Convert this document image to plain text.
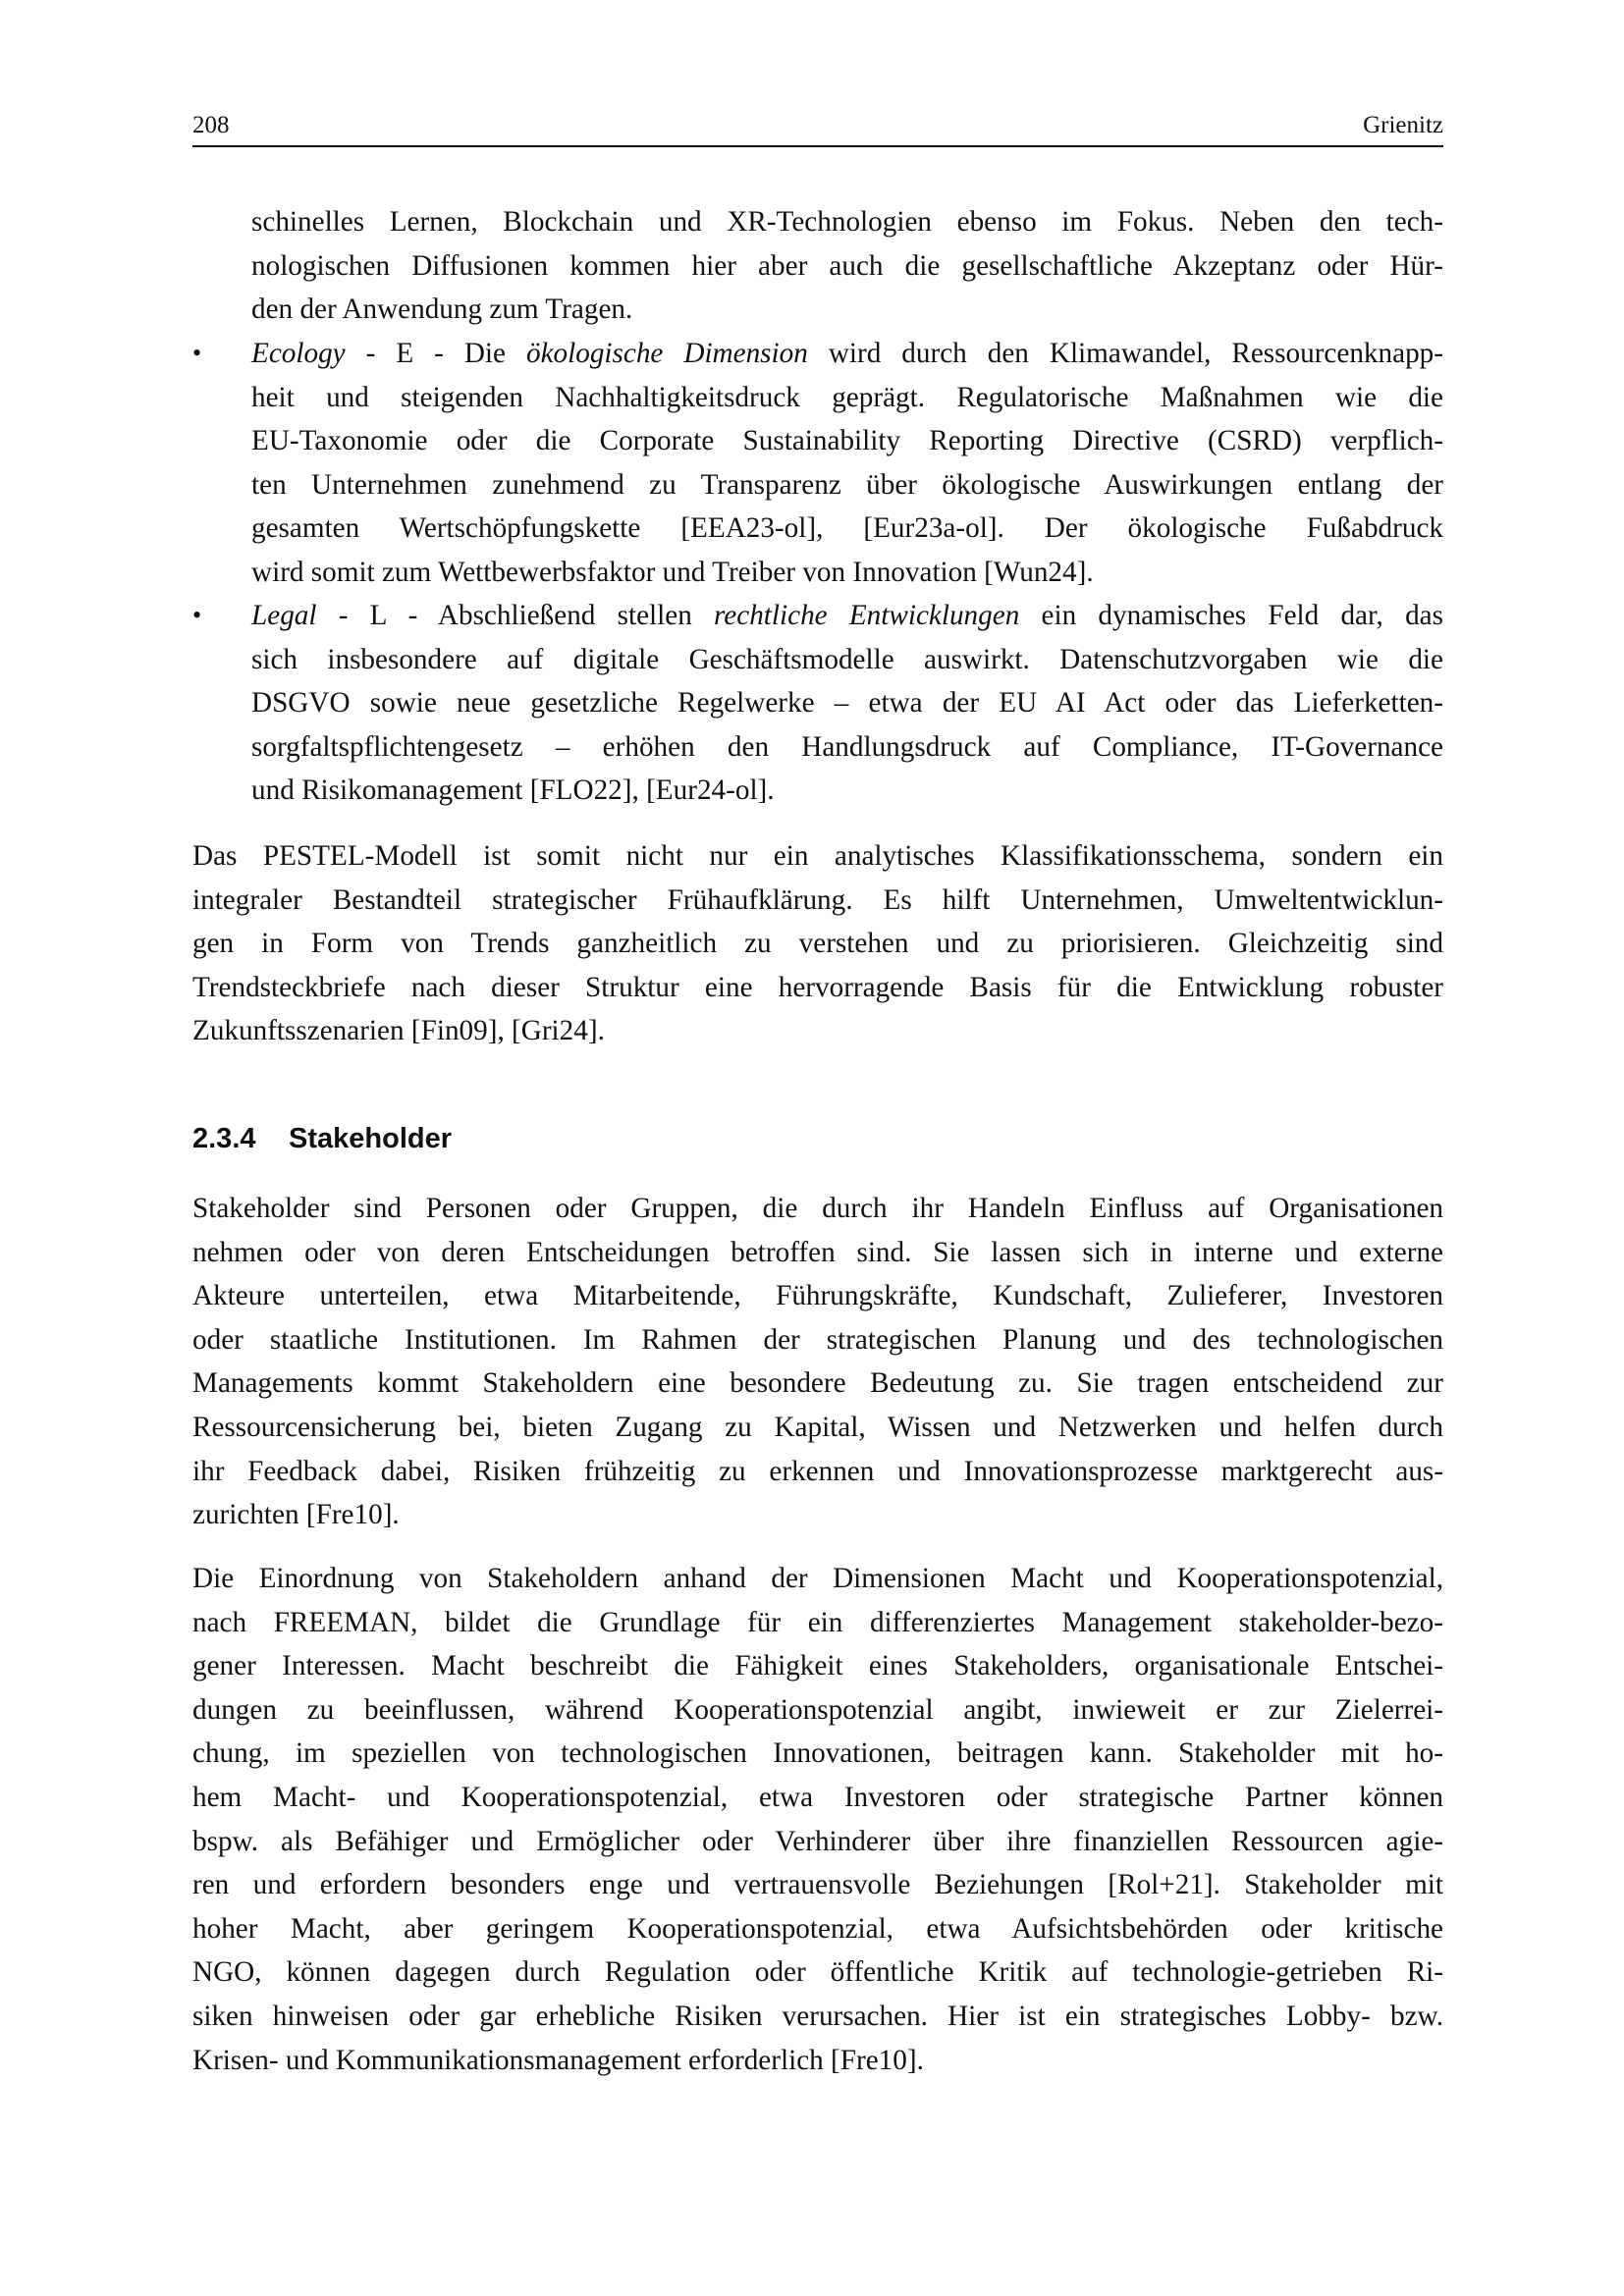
208	Grienitz
schinelles Lernen, Blockchain und XR-Technologien ebenso im Fokus. Neben den tech-
nologischen Diffusionen kommen hier aber auch die gesellschaftliche Akzeptanz oder Hür-
den der Anwendung zum Tragen.
•	Ecology - E - Die ökologische Dimension wird durch den Klimawandel, Ressourcenknapp-
heit und steigenden Nachhaltigkeitsdruck geprägt. Regulatorische Maßnahmen wie die
EU-Taxonomie oder die Corporate Sustainability Reporting Directive (CSRD) verpflich-
ten Unternehmen zunehmend zu Transparenz über ökologische Auswirkungen entlang der
gesamten Wertschöpfungskette [EEA23-ol], [Eur23a-ol]. Der ökologische Fußabdruck
wird somit zum Wettbewerbsfaktor und Treiber von Innovation [Wun24].
•	Legal - L - Abschließend stellen rechtliche Entwicklungen ein dynamisches Feld dar, das
sich insbesondere auf digitale Geschäftsmodelle auswirkt. Datenschutzvorgaben wie die
DSGVO sowie neue gesetzliche Regelwerke – etwa der EU AI Act oder das Lieferketten-
sorgfaltspflichtengesetz – erhöhen den Handlungsdruck auf Compliance, IT-Governance
und Risikomanagement [FLO22], [Eur24-ol].
Das PESTEL-Modell ist somit nicht nur ein analytisches Klassifikationsschema, sondern ein
integraler Bestandteil strategischer Frühaufklärung. Es hilft Unternehmen, Umweltentwicklun-
gen in Form von Trends ganzheitlich zu verstehen und zu priorisieren. Gleichzeitig sind
Trendsteckbriefe nach dieser Struktur eine hervorragende Basis für die Entwicklung robuster
Zukunftsszenarien [Fin09], [Gri24].
2.3.4 Stakeholder
Stakeholder sind Personen oder Gruppen, die durch ihr Handeln Einfluss auf Organisationen
nehmen oder von deren Entscheidungen betroffen sind. Sie lassen sich in interne und externe
Akteure unterteilen, etwa Mitarbeitende, Führungskräfte, Kundschaft, Zulieferer, Investoren
oder staatliche Institutionen. Im Rahmen der strategischen Planung und des technologischen
Managements kommt Stakeholdern eine besondere Bedeutung zu. Sie tragen entscheidend zur
Ressourcensicherung bei, bieten Zugang zu Kapital, Wissen und Netzwerken und helfen durch
ihr Feedback dabei, Risiken frühzeitig zu erkennen und Innovationsprozesse marktgerecht aus-
zurichten [Fre10].
Die Einordnung von Stakeholdern anhand der Dimensionen Macht und Kooperationspotenzial,
nach FREEMAN, bildet die Grundlage für ein differenziertes Management stakeholder-bezo-
gener Interessen. Macht beschreibt die Fähigkeit eines Stakeholders, organisationale Entschei-
dungen zu beeinflussen, während Kooperationspotenzial angibt, inwieweit er zur Zielerrei-
chung, im speziellen von technologischen Innovationen, beitragen kann. Stakeholder mit ho-
hem Macht- und Kooperationspotenzial, etwa Investoren oder strategische Partner können
bspw. als Befähiger und Ermöglicher oder Verhinderer über ihre finanziellen Ressourcen agie-
ren und erfordern besonders enge und vertrauensvolle Beziehungen [Rol+21]. Stakeholder mit
hoher Macht, aber geringem Kooperationspotenzial, etwa Aufsichtsbehörden oder kritische
NGO, können dagegen durch Regulation oder öffentliche Kritik auf technologie-getrieben Ri-
siken hinweisen oder gar erhebliche Risiken verursachen. Hier ist ein strategisches Lobby- bzw.
Krisen- und Kommunikationsmanagement erforderlich [Fre10].
